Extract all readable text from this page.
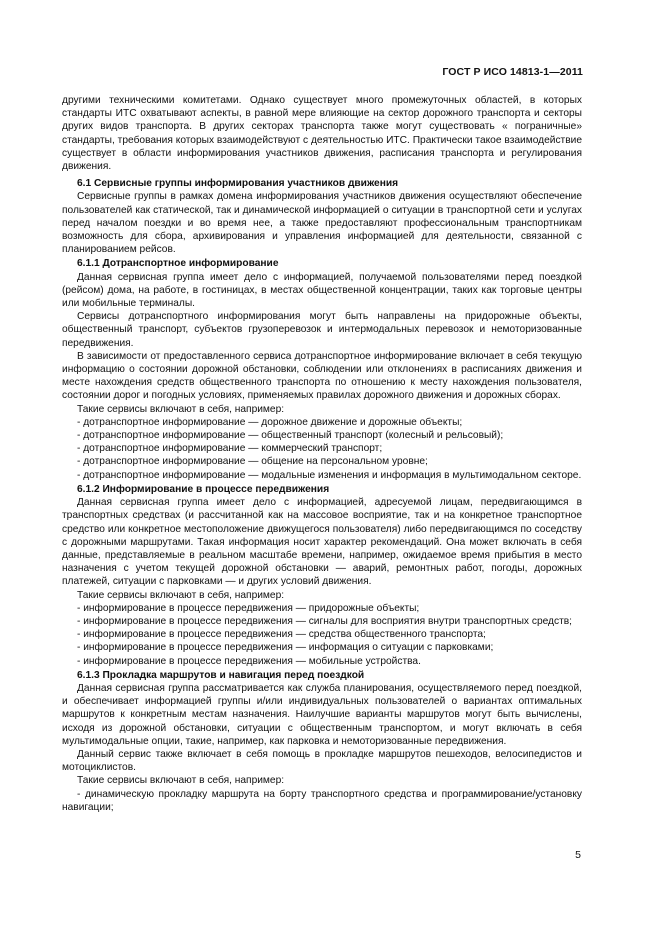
ГОСТ Р ИСО 14813-1—2011

другими техническими комитетами. Однако существует много промежуточных областей, в которых стандарты ИТС охватывают аспекты, в равной мере влияющие на сектор дорожного транспорта и секторы других видов транспорта. В других секторах транспорта также могут существовать « пограничные» стандарты, требования которых взаимодействуют с деятельностью ИТС. Практически такое взаимодействие существует в области информирования участников движения, расписания транспорта и регулирования движения.

6.1 Сервисные группы информирования участников движения

Сервисные группы в рамках домена информирования участников движения осуществляют обеспечение пользователей как статической, так и динамической информацией о ситуации в транспортной сети и услугах перед началом поездки и во время нее, а также предоставляют профессиональным транспортникам возможность для сбора, архивирования и управления информацией для деятельности, связанной с планированием рейсов.

6.1.1 Дотранспортное информирование

Данная сервисная группа имеет дело с информацией, получаемой пользователями перед поездкой (рейсом) дома, на работе, в гостиницах, в местах общественной концентрации, таких как торговые центры или мобильные терминалы.

Сервисы дотранспортного информирования могут быть направлены на придорожные объекты, общественный транспорт, субъектов грузоперевозок и интермодальных перевозок и немоторизованные передвижения.

В зависимости от предоставленного сервиса дотранспортное информирование включает в себя текущую информацию о состоянии дорожной обстановки, соблюдении или отклонениях в расписаниях движения и месте нахождения средств общественного транспорта по отношению к месту нахождения пользователя, состоянии дорог и погодных условиях, применяемых правилах дорожного движения и дорожных сборах.

Такие сервисы включают в себя, например:

- дотранспортное информирование — дорожное движение и дорожные объекты;

- дотранспортное информирование — общественный транспорт (колесный и рельсовый);

- дотранспортное информирование — коммерческий транспорт;

- дотранспортное информирование — общение на персональном уровне;

- дотранспортное информирование — модальные изменения и информация в мультимодальном секторе.

6.1.2 Информирование в процессе передвижения

Данная сервисная группа имеет дело с информацией, адресуемой лицам, передвигающимся в транспортных средствах (и рассчитанной как на массовое восприятие, так и на конкретное транспортное средство или конкретное местоположение движущегося пользователя) либо передвигающимся по соседству с дорожными маршрутами. Такая информация носит характер рекомендаций. Она может включать в себя данные, представляемые в реальном масштабе времени, например, ожидаемое время прибытия в место назначения с учетом текущей дорожной обстановки — аварий, ремонтных работ, погоды, дорожных платежей, ситуации с парковками — и других условий движения.

Такие сервисы включают в себя, например:

- информирование в процессе передвижения — придорожные объекты;

- информирование в процессе передвижения — сигналы для восприятия внутри транспортных средств;

- информирование в процессе передвижения — средства общественного транспорта;

- информирование в процессе передвижения — информация о ситуации с парковками;

- информирование в процессе передвижения — мобильные устройства.

6.1.3 Прокладка маршрутов и навигация перед поездкой

Данная сервисная группа рассматривается как служба планирования, осуществляемого перед поездкой, и обеспечивает информацией группы и/или индивидуальных пользователей о вариантах оптимальных маршрутов к конкретным местам назначения. Наилучшие варианты маршрутов могут быть вычислены, исходя из дорожной обстановки, ситуации с общественным транспортом, и могут включать в себя мультимодальные опции, такие, например, как парковка и немоторизованные передвижения.

Данный сервис также включает в себя помощь в прокладке маршрутов пешеходов, велосипедистов и мотоциклистов.

Такие сервисы включают в себя, например:

- динамическую прокладку маршрута на борту транспортного средства и программирование/установку навигации;

5
